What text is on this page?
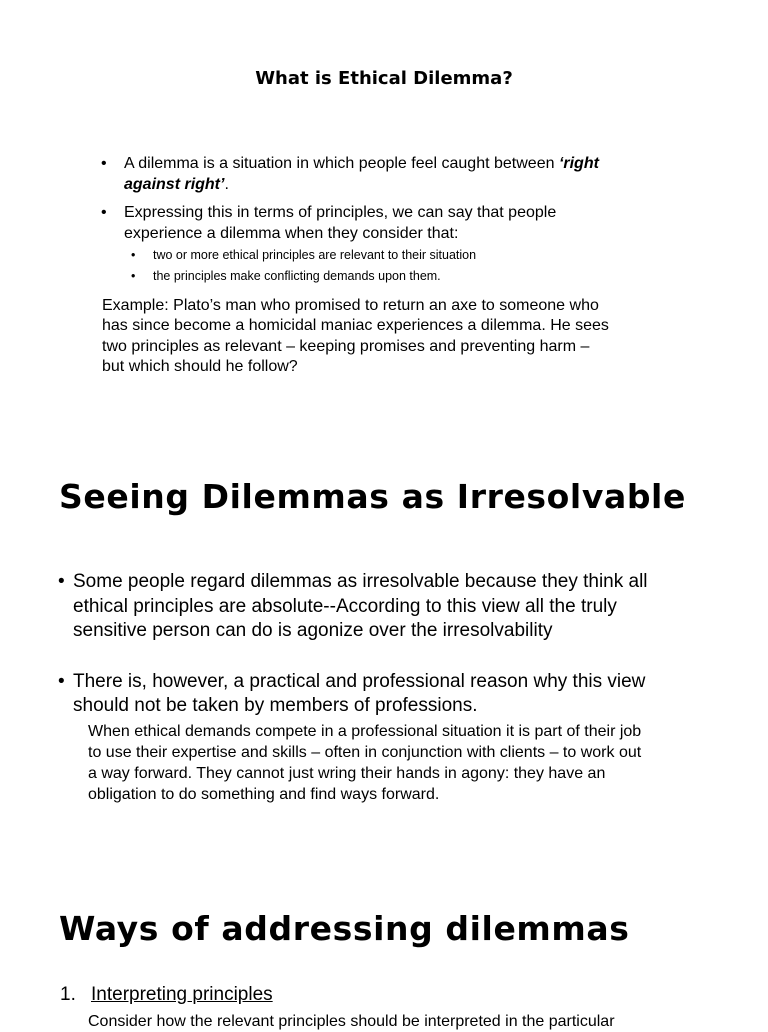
What is Ethical Dilemma?
• A dilemma is a situation in which people feel caught between ‘right
against right’.
• Expressing this in terms of principles, we can say that people
experience a dilemma when they consider that:
• two or more ethical principles are relevant to their situation
• the principles make conflicting demands upon them.
Example: Plato’s man who promised to return an axe to someone who
has since become a homicidal maniac experiences a dilemma. He sees
two principles as relevant – keeping promises and preventing harm –
but which should he follow?
Seeing Dilemmas as Irresolvable
• Some people regard dilemmas as irresolvable because they think all
ethical principles are absolute--According to this view all the truly
sensitive person can do is agonize over the irresolvability
• There is, however, a practical and professional reason why this view
should not be taken by members of professions.
When ethical demands compete in a professional situation it is part of their job
to use their expertise and skills – often in conjunction with clients – to work out
a way forward. They cannot just wring their hands in agony: they have an
obligation to do something and find ways forward.
Ways of addressing dilemmas
1. Interpreting principles
Consider how the relevant principles should be interpreted in the particular
